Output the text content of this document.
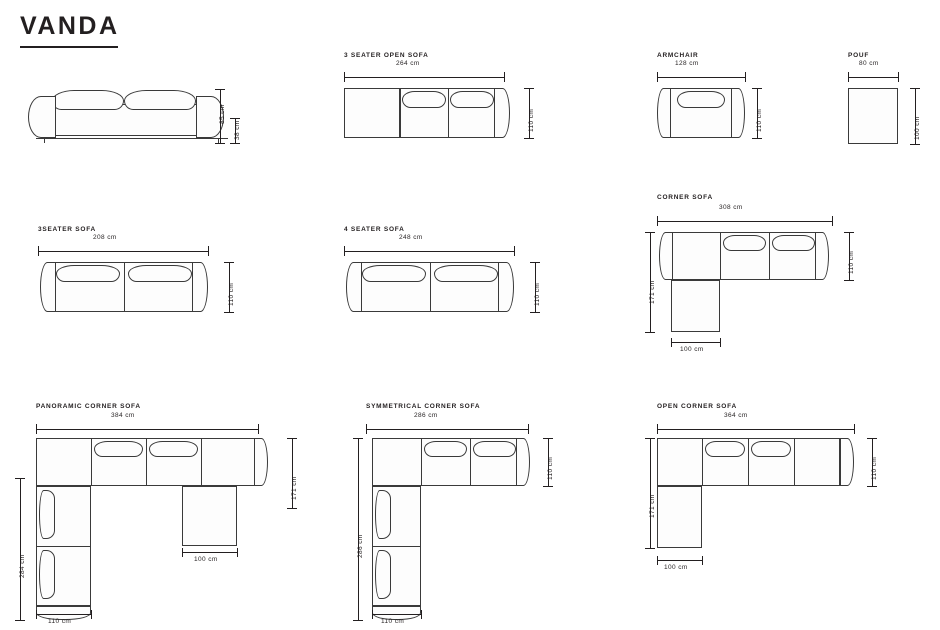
VANDA
85 cm
38 cm
3 SEATER OPEN SOFA
264 cm
110 cm
ARMCHAIR
128 cm
110 cm
POUF
80 cm
100 cm
3SEATER SOFA
208 cm
110 cm
4 SEATER SOFA
248 cm
110 cm
CORNER SOFA
308 cm
171 cm
110 cm
100 cm
PANORAMIC CORNER SOFA
384 cm
171 cm
284 cm	100 cm
110 cm
SYMMETRICAL CORNER SOFA
286 cm
110 cm
286 cm
110 cm
OPEN CORNER SOFA
364 cm
110 cm
171 cm
100 cm
